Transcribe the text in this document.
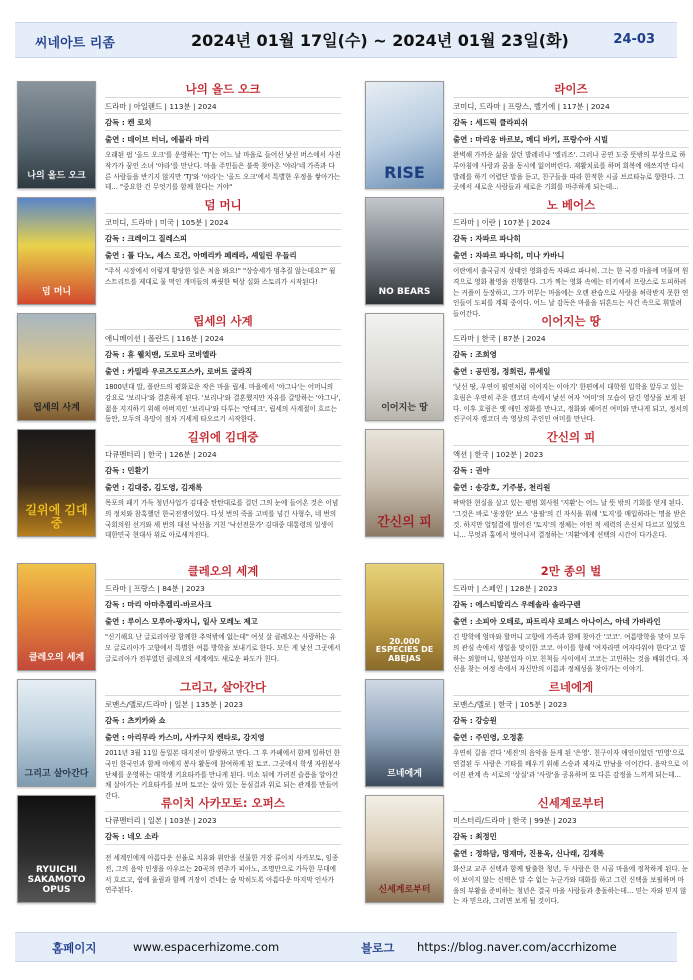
씨네아트 리좀	2024년 01월 17일(수) ~ 2024년 01월 23일(화)	24-03
나의 올드 오크
나의 올드 오크
드라마 | 아일랜드 | 113분 | 2024
감독 : 켄 로치
출연 : 데이브 터너, 에블라 마리
오래된 펍 '올드 오크'를 운영하는 'TJ'는 어느 날 마을로 들어선 낯선 버스에서 사진작가가 꿈인 소녀 '야라'를 만난다. 마을 주민들은 불쑥 찾아온 '야라'네 가족과 다른 사람들을 반기지 않지만 'TJ'와 '야라'는 '올드 오크'에서 특별한 우정을 쌓아가는데… "중요한 건 무엇기를 함께 한다는 거야"
RISE
라이즈
코미디, 드라마 | 프랑스, 벨기에 | 117분 | 2024
감독 : 세드릭 클라피쉬
출연 : 마리옹 바르보, 메디 바키, 프랑수아 시빌
완벽해 가까운 삶을 살던 발레리나 '엘리즈'. 그러나 공연 도중 뜻밖의 부상으로 하루아침에 사랑과 꿈을 동시에 잃어버린다. 재활치료를 하며 회복에 애쓰지만 다시 발레를 하기 어렵단 말을 듣고, 친구들을 따라 한적한 시골 브르타뉴로 향한다. 그 곳에서 새로운 사람들과 새로운 기회를 마주하게 되는데…
덤 머니
덤 머니
코미디, 드라마 | 미국 | 105분 | 2024
감독 : 크레이그 질레스피
출연 : 폴 다노, 세스 로건, 아메리카 페레라, 셰일린 우들리
"주식 시장에서 이렇게 황당한 일은 처음 봐요!" "상승세가 멈추질 않는데요?" 월 스트리트를 제대로 물 먹인 개미들의 짜릿한 떡상 실화 스토리가 시작된다!
NO BEARS
노 베어스
드라마 | 이란 | 107분 | 2024
감독 : 자파르 파나히
출연 : 자파르 파나히, 미나 카바니
이란에서 출국금지 상태인 영화감독 자파르 파나히. 그는 한 국경 마을에 머물며 원격으로 영화 촬영을 진행한다. 그가 찍는 영화 속에는 터키에서 프랑스로 도피하려는 커플이 등장하고, 그가 머무는 마을에는 오랜 관습으로 사랑을 허락받지 못한 연인들이 도피를 계획 중이다. 어느 날 감독은 마을을 뒤흔드는 사건 속으로 휘말려 들어간다.
립세의 사계
립세의 사계
애니메이션 | 폴란드 | 116분 | 2024
감독 : 휴 웰치맨, 도로타 코비엘라
출연 : 카밀라 우르즈도프스카, 로버트 굴라직
1800년대 말, 폴란드의 평화로운 작은 마을 립세. 마을에서 '야그나'는 어머니의 강요로 '보리나'와 결혼하게 된다. '보리나'와 결혼했지만 자유를 갈망하는 '야그나', 젊음 지지하기 위해 아버지인 '보리나'와 다투는 '안테크', 립세의 사계절이 흐르는 동안, 모두의 욕망이 점차 거세게 타오르기 시작한다.
이어지는 땅
이어지는 땅
드라마 | 한국 | 87분 | 2024
감독 : 조희영
출연 : 공민정, 정회린, 류세일
'낮선 땅, 우연이 필연처럼 이어지는 이야기' 한편에서 대학원 입학을 앞두고 있는 호림은 우연히 주운 캠코더 속에서 낯선 여자 '여미'의 모습이 담긴 영상을 보게 된다. 이후 호림은 옛 애인 정화를 만나고, 정화와 헤어진 여미와 만나게 되고, 정서의 진구이자 캠코더 속 영상의 주인인 여미를 만난다.
길위에 김대중
길위에 김대중
다큐멘터리 | 한국 | 126분 | 2024
감독 : 민환기
출연 : 김대중, 김도영, 김재록
목포의 패기 가득 청년사업가 김대중 탄탄대로를 걸던 그의 눈에 들어온 것은 이념의 정치와 참혹했던 한국전쟁이었다. 다섯 번의 죽을 고비를 넘긴 사형수, 네 번의 국회의원 선거와 세 번의 대선 낙선을 거친 '낙선전문가' 김대중 대통령의 일생이 대한민국 현대사 위로 아로새겨진다.
간신의 피
간신의 피
액션 | 한국 | 102분 | 2023
감독 : 권아
출연 : 송강호, 기주봉, 천리원
팍팍한 현실을 살고 있는 평범 회사원 '지환'는 어느 날 뜻 밖의 기회를 얻게 된다. '그것은 바로 '웅장한' 보스 '용팔'의 긴 자식을 위해 '토지'를 매입하라는 명을 받은 것. 하지만 얼떨결에 벌어진 '토지'의 정체는 어떤 적 세력의 은신처 다르고 있었으니… 무엇과 홀에서 벗어나서 결정하는 '지환'에게 선택의 시간이 다가온다.
클레오의 세계
클레오의 세계
드라마 | 프랑스 | 84분 | 2023
감독 : 마리 아마추켈리-바르사크
출연 : 루이스 모루아-팡자니, 일사 모레노 제고
"신기해요 난 글로리아랑 함께한 추억밖에 없는데" 여섯 살 클레오는 사랑하는 유모 글로리아가 고향에서 특별한 여름 방학을 보내기로 한다. 모든 게 낯선 그곳에서 글로리아가 전부였던 클레오의 세계에도 새로운 파도가 친다.
20.000 ESPECIES DE ABEJAS
2만 종의 벌
드라마 | 스페인 | 128분 | 2023
감독 : 에스티발리스 우레솔라 솔라구렌
출연 : 소피아 오테로, 파트리샤 로페스 아나이스, 아네 가바라인
긴 방학에 엄마와 할머니 고향에 가족과 함께 찾아간 '코코'. 여름방학을 맞아 모두의 관심 속에서 생일을 맞이한 코코. 아이를 향해 '여자라면 여자다워야 한다'고 말하는 외할머니, 양봉업자 이모 친척들 사이에서 코코는 고민하는 것을 배워간다. 자신을 찾는 여정 속에서 자신만의 이름과 정체성을 찾아가는 이야기.
그리고 살아간다
그리고, 살아간다
로맨스/멜로/드라마 | 일본 | 135분 | 2023
감독 : 츠키카와 쇼
출연 : 아리무라 카스미, 사카구치 켄타로, 강지영
2011년 3월 11일 동일본 대지진이 발생하고 만다. 그 후 카페에서 함께 일하던 한국인 한국인과 함께 야에지 봉사 활동에 참여하게 된 토코. 그곳에서 학생 자원봉사 단체를 운영하는 대학생 키요타카를 만나게 된다. 미소 뒤에 가려진 슬픔을 알아간 채 살아가는 키요타카를 보며 토코는 살아 있는 동심걸과 위로 되는 관계를 만들어간다.
르네에게
르네에게
로맨스/멜로 | 한국 | 105분 | 2023
감독 : 강승원
출연 : 주민영, 오정훈
우연히 길을 걷다 '세진'의 음악을 듣게 된 '은영'. 친구이자 애인이었던 '민영'으로 연결된 두 사람은 기타를 배우기 위해 스승과 제자로 만남을 이어간다. 음악으로 이어진 관계 속 서로의 '상실'과 '사랑'을 공유하며 또 다른 감정을 느끼게 되는데…
RYUICHI SAKAMOTO OPUS
류이치 사카모토: 오퍼스
다큐멘터리 | 일본 | 103분 | 2023
감독 : 네오 소라
전 세계인에게 아름다운 선율로 치유와 위안을 선물한 거장 류이치 사카모토, 임종 전, 그의 음악 인생을 아우르는 20곡의 연주가 피아노, 조명만으로 가득한 무대에서 흐르고, 쉼에 울림과 함께 거장이 건네는 숨 막히도록 아름다운 마지막 인사가 연주된다.	신세계로부터
신세계로부터
미스터리/드라마 | 한국 | 99분 | 2023
감독 : 최정민
출연 : 정하담, 명재마, 진용옥, 신나래, 김재록
화산교 교주 신택과 함께 탈출한 청년, 두 사람은 한 시골 마을에 정착하게 된다. 눈이 보이지 않는 신택은 말 수 없는 누군가와 대화를 하고 그런 신택을 보필하며 마을의 부활을 준비하는 청년은 결국 마을 사람들과 충돌하는데… 믿는 자와 믿지 않는 자 믿으라, 그러면 보게 될 것이다.
홈페이지	www.espacerhizome.com	블로그 https://blog.naver.com/accrhizome
